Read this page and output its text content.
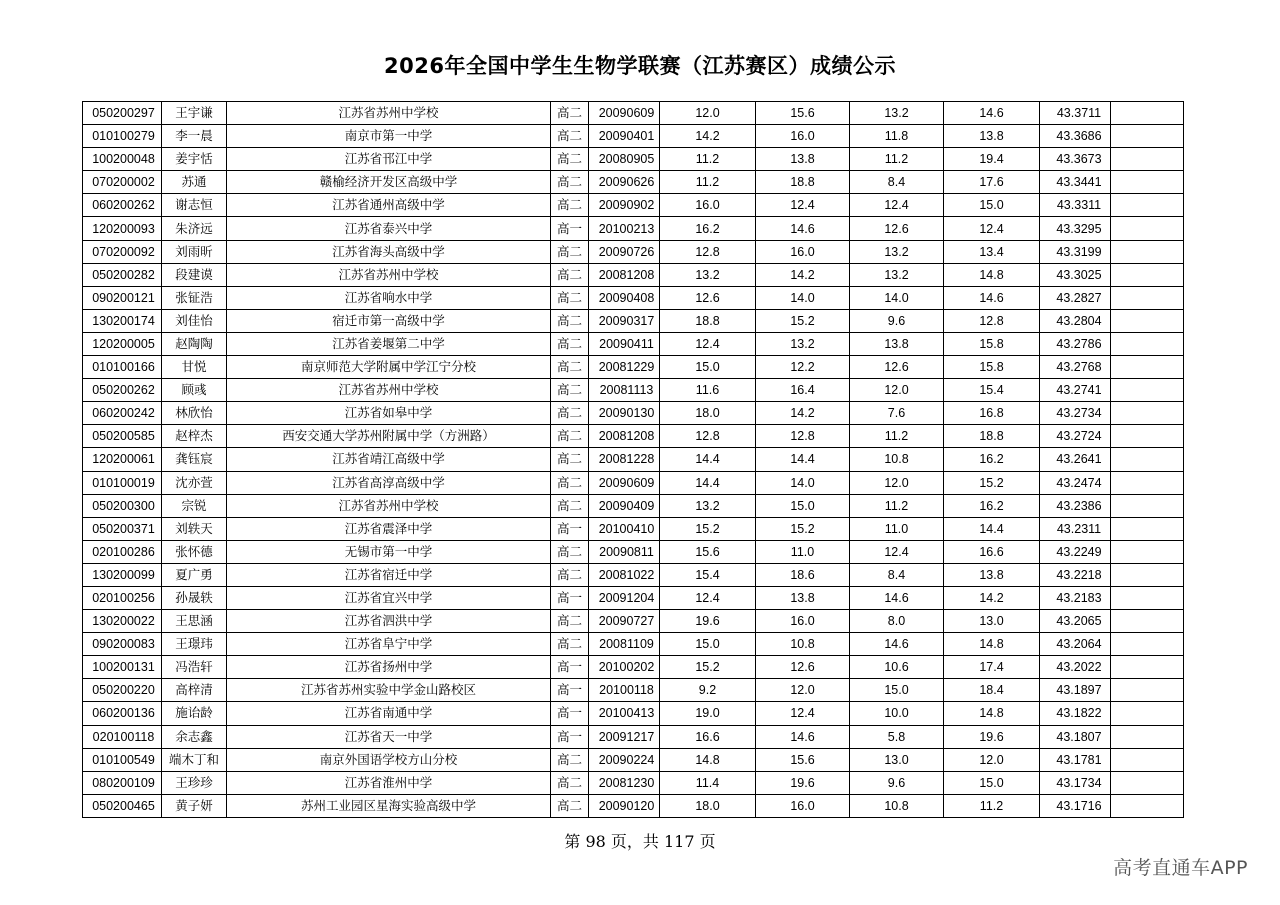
2026年全国中学生生物学联赛（江苏赛区）成绩公示
050200297	王宇谦	江苏省苏州中学校	高二	20090609	12.0	15.6	13.2	14.6	43.3711	
010100279	李一晨	南京市第一中学	高二	20090401	14.2	16.0	11.8	13.8	43.3686	
100200048	姜宇恬	江苏省邗江中学	高二	20080905	11.2	13.8	11.2	19.4	43.3673	
070200002	苏通	赣榆经济开发区高级中学	高二	20090626	11.2	18.8	8.4	17.6	43.3441	
060200262	谢志恒	江苏省通州高级中学	高二	20090902	16.0	12.4	12.4	15.0	43.3311	
120200093	朱济远	江苏省泰兴中学	高一	20100213	16.2	14.6	12.6	12.4	43.3295	
070200092	刘雨昕	江苏省海头高级中学	高二	20090726	12.8	16.0	13.2	13.4	43.3199	
050200282	段建谟	江苏省苏州中学校	高二	20081208	13.2	14.2	13.2	14.8	43.3025	
090200121	张钲浩	江苏省响水中学	高二	20090408	12.6	14.0	14.0	14.6	43.2827	
130200174	刘佳怡	宿迁市第一高级中学	高二	20090317	18.8	15.2	9.6	12.8	43.2804	
120200005	赵陶陶	江苏省姜堰第二中学	高二	20090411	12.4	13.2	13.8	15.8	43.2786	
010100166	甘悦	南京师范大学附属中学江宁分校	高二	20081229	15.0	12.2	12.6	15.8	43.2768	
050200262	顾彧	江苏省苏州中学校	高二	20081113	11.6	16.4	12.0	15.4	43.2741	
060200242	林欣怡	江苏省如皋中学	高二	20090130	18.0	14.2	7.6	16.8	43.2734	
050200585	赵梓杰	西安交通大学苏州附属中学（方洲路）	高二	20081208	12.8	12.8	11.2	18.8	43.2724	
120200061	龚钰宸	江苏省靖江高级中学	高二	20081228	14.4	14.4	10.8	16.2	43.2641	
010100019	沈亦萱	江苏省高淳高级中学	高二	20090609	14.4	14.0	12.0	15.2	43.2474	
050200300	宗锐	江苏省苏州中学校	高二	20090409	13.2	15.0	11.2	16.2	43.2386	
050200371	刘轶天	江苏省震泽中学	高一	20100410	15.2	15.2	11.0	14.4	43.2311	
020100286	张怀德	无锡市第一中学	高二	20090811	15.6	11.0	12.4	16.6	43.2249	
130200099	夏广勇	江苏省宿迁中学	高二	20081022	15.4	18.6	8.4	13.8	43.2218	
020100256	孙晟轶	江苏省宜兴中学	高一	20091204	12.4	13.8	14.6	14.2	43.2183	
130200022	王思涵	江苏省泗洪中学	高二	20090727	19.6	16.0	8.0	13.0	43.2065	
090200083	王璟玮	江苏省阜宁中学	高二	20081109	15.0	10.8	14.6	14.8	43.2064	
100200131	冯浩轩	江苏省扬州中学	高一	20100202	15.2	12.6	10.6	17.4	43.2022	
050200220	高梓清	江苏省苏州实验中学金山路校区	高一	20100118	9.2	12.0	15.0	18.4	43.1897	
060200136	施诒龄	江苏省南通中学	高一	20100413	19.0	12.4	10.0	14.8	43.1822	
020100118	余志鑫	江苏省天一中学	高一	20091217	16.6	14.6	5.8	19.6	43.1807	
010100549	端木丁和	南京外国语学校方山分校	高二	20090224	14.8	15.6	13.0	12.0	43.1781	
080200109	王珍珍	江苏省淮州中学	高二	20081230	11.4	19.6	9.6	15.0	43.1734	
050200465	黄子妍	苏州工业园区星海实验高级中学	高二	20090120	18.0	16.0	10.8	11.2	43.1716	
第 98 页，共 117 页
高考直通车APP
